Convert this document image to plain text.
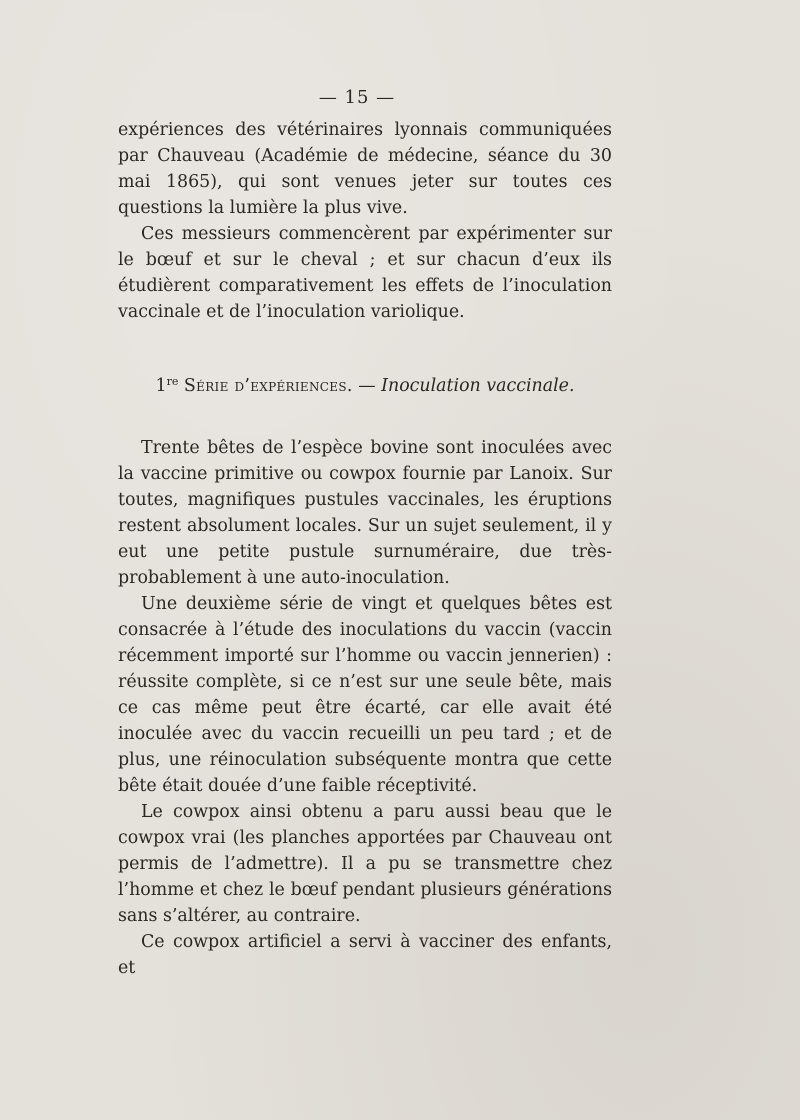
— 15 —

expériences des vétérinaires lyonnais communiquées par Chauveau (Académie de médecine, séance du 30 mai 1865), qui sont venues jeter sur toutes ces questions la lumière la plus vive.

Ces messieurs commencèrent par expérimenter sur le bœuf et sur le cheval ; et sur chacun d’eux ils étudièrent comparativement les effets de l’inoculation vaccinale et de l’inoculation variolique.

1re Série d’expériences. — Inoculation vaccinale.

Trente bêtes de l’espèce bovine sont inoculées avec la vaccine primitive ou cowpox fournie par Lanoix. Sur toutes, magnifiques pustules vaccinales, les éruptions restent absolument locales. Sur un sujet seulement, il y eut une petite pustule surnuméraire, due très-probablement à une auto-inoculation.

Une deuxième série de vingt et quelques bêtes est consacrée à l’étude des inoculations du vaccin (vaccin récemment importé sur l’homme ou vaccin jennerien) : réussite complète, si ce n’est sur une seule bête, mais ce cas même peut être écarté, car elle avait été inoculée avec du vaccin recueilli un peu tard ; et de plus, une réinoculation subséquente montra que cette bête était douée d’une faible réceptivité.

Le cowpox ainsi obtenu a paru aussi beau que le cowpox vrai (les planches apportées par Chauveau ont permis de l’admettre). Il a pu se transmettre chez l’homme et chez le bœuf pendant plusieurs générations sans s’altérer, au contraire.

Ce cowpox artificiel a servi à vacciner des enfants, et
